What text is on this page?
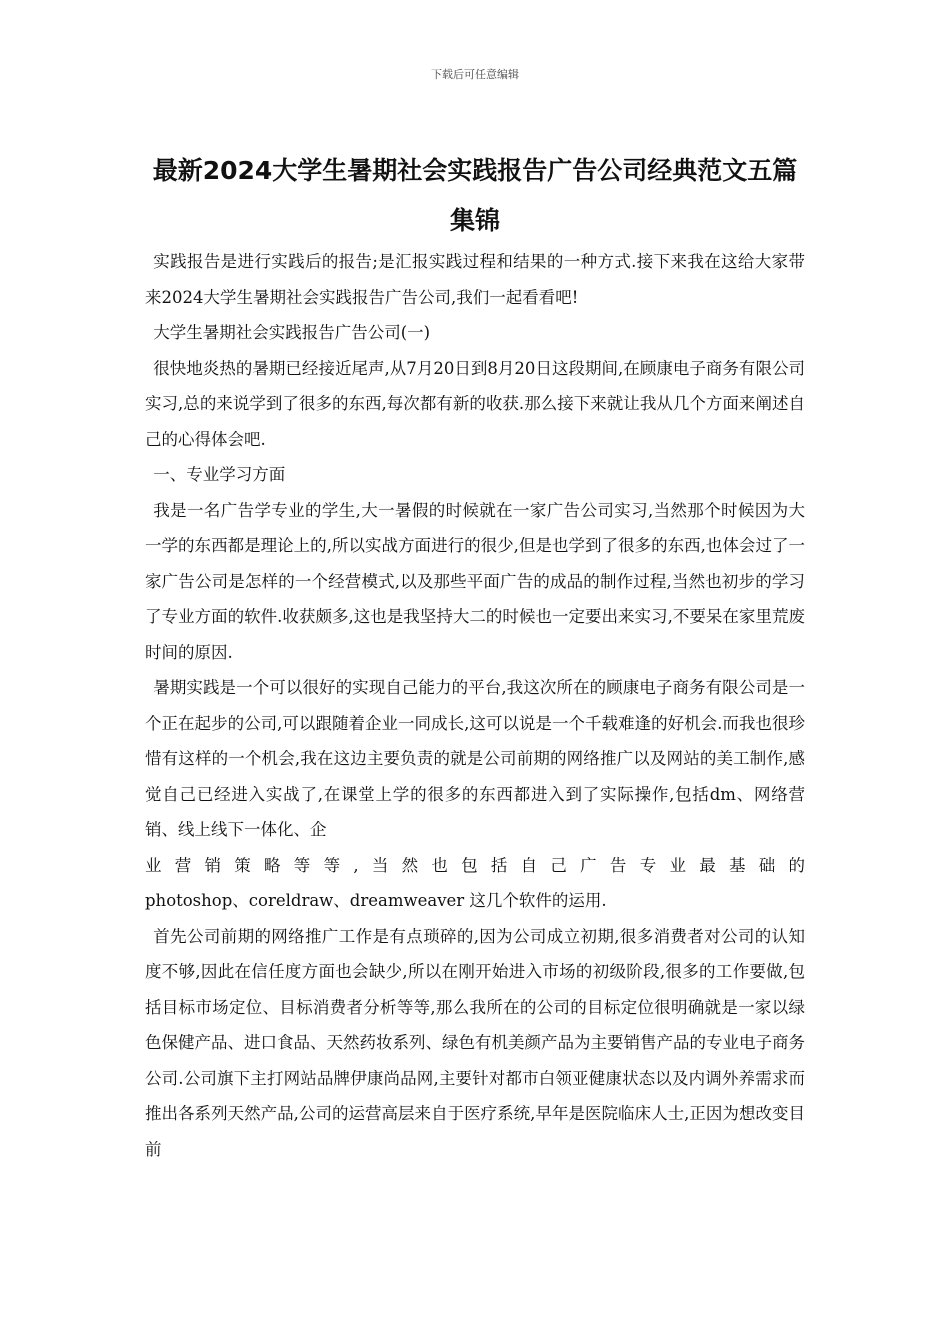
下载后可任意编辑
最新2024大学生暑期社会实践报告广告公司经典范文五篇集锦

实践报告是进行实践后的报告;是汇报实践过程和结果的一种方式.接下来我在这给大家带来2024大学生暑期社会实践报告广告公司,我们一起看看吧!

大学生暑期社会实践报告广告公司(一)

很快地炎热的暑期已经接近尾声,从7月20日到8月20日这段期间,在顾康电子商务有限公司实习,总的来说学到了很多的东西,每次都有新的收获.那么接下来就让我从几个方面来阐述自己的心得体会吧.

一、专业学习方面

我是一名广告学专业的学生,大一暑假的时候就在一家广告公司实习,当然那个时候因为大一学的东西都是理论上的,所以实战方面进行的很少,但是也学到了很多的东西,也体会过了一家广告公司是怎样的一个经营模式,以及那些平面广告的成品的制作过程,当然也初步的学习了专业方面的软件.收获颇多,这也是我坚持大二的时候也一定要出来实习,不要呆在家里荒废时间的原因.

暑期实践是一个可以很好的实现自己能力的平台,我这次所在的顾康电子商务有限公司是一个正在起步的公司,可以跟随着企业一同成长,这可以说是一个千载难逢的好机会.而我也很珍惜有这样的一个机会,我在这边主要负责的就是公司前期的网络推广以及网站的美工制作,感觉自己已经进入实战了,在课堂上学的很多的东西都进入到了实际操作,包括dm、网络营销、线上线下一体化、企

业营销策略等等,当然也包括自己广告专业最基础的

photoshop、coreldraw、dreamweaver 这几个软件的运用.

首先公司前期的网络推广工作是有点琐碎的,因为公司成立初期,很多消费者对公司的认知度不够,因此在信任度方面也会缺少,所以在刚开始进入市场的初级阶段,很多的工作要做,包括目标市场定位、目标消费者分析等等,那么我所在的公司的目标定位很明确就是一家以绿色保健产品、进口食品、天然药妆系列、绿色有机美颜产品为主要销售产品的专业电子商务公司.公司旗下主打网站品牌伊康尚品网,主要针对都市白领亚健康状态以及内调外养需求而推出各系列天然产品,公司的运营高层来自于医疗系统,早年是医院临床人士,正因为想改变目前
